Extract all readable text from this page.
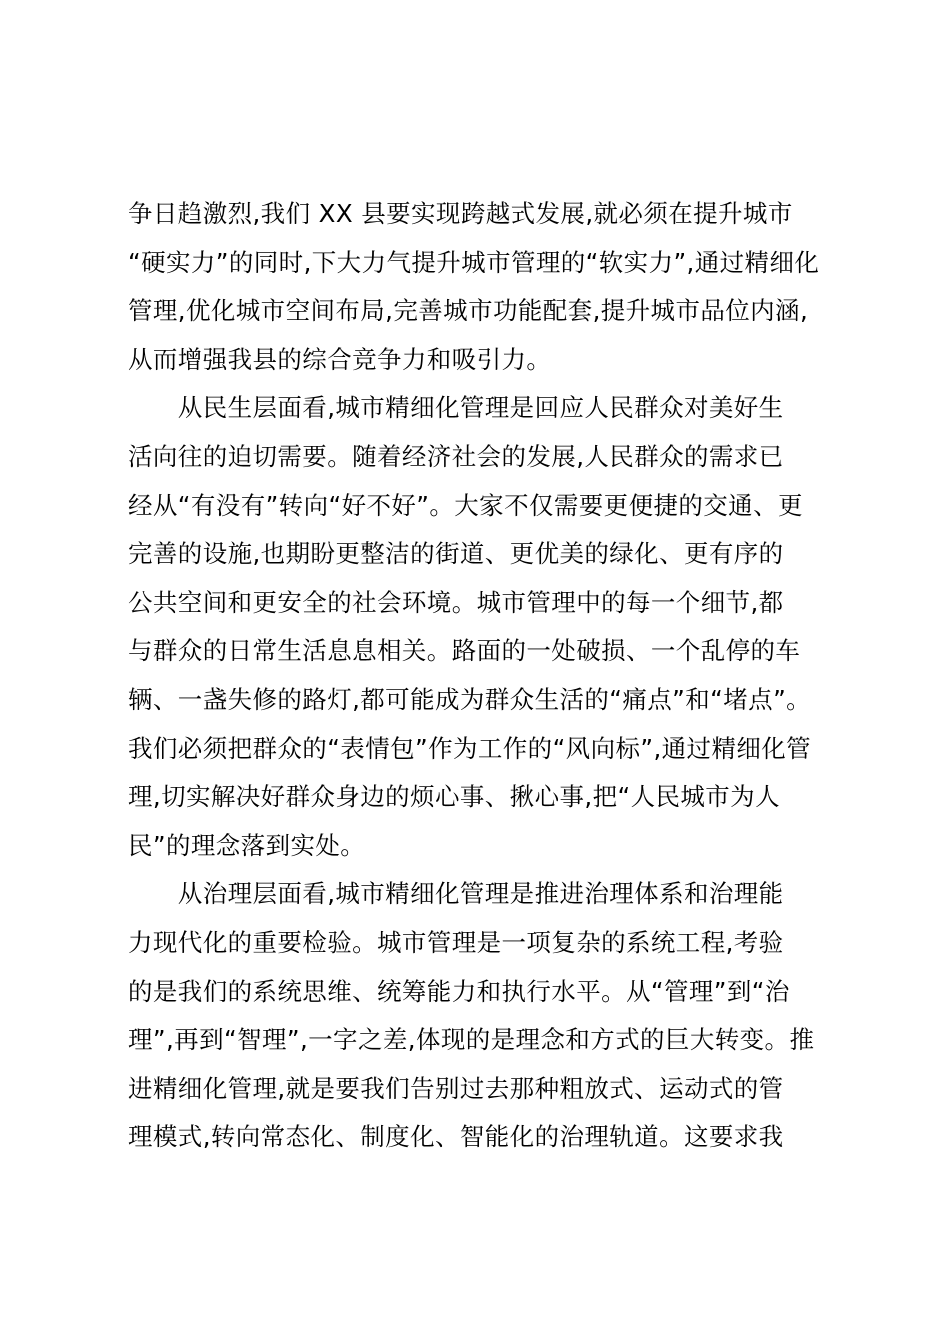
争日趋激烈,我们 XX 县要实现跨越式发展,就必须在提升城市
“硬实力”的同时,下大力气提升城市管理的“软实力”,通过精细化
管理,优化城市空间布局,完善城市功能配套,提升城市品位内涵,
从而增强我县的综合竞争力和吸引力。
　　从民生层面看,城市精细化管理是回应人民群众对美好生
活向往的迫切需要。随着经济社会的发展,人民群众的需求已
经从“有没有”转向“好不好”。大家不仅需要更便捷的交通、更
完善的设施,也期盼更整洁的街道、更优美的绿化、更有序的
公共空间和更安全的社会环境。城市管理中的每一个细节,都
与群众的日常生活息息相关。路面的一处破损、一个乱停的车
辆、一盏失修的路灯,都可能成为群众生活的“痛点”和“堵点”。
我们必须把群众的“表情包”作为工作的“风向标”,通过精细化管
理,切实解决好群众身边的烦心事、揪心事,把“人民城市为人
民”的理念落到实处。
　　从治理层面看,城市精细化管理是推进治理体系和治理能
力现代化的重要检验。城市管理是一项复杂的系统工程,考验
的是我们的系统思维、统筹能力和执行水平。从“管理”到“治
理”,再到“智理”,一字之差,体现的是理念和方式的巨大转变。推
进精细化管理,就是要我们告别过去那种粗放式、运动式的管
理模式,转向常态化、制度化、智能化的治理轨道。这要求我
